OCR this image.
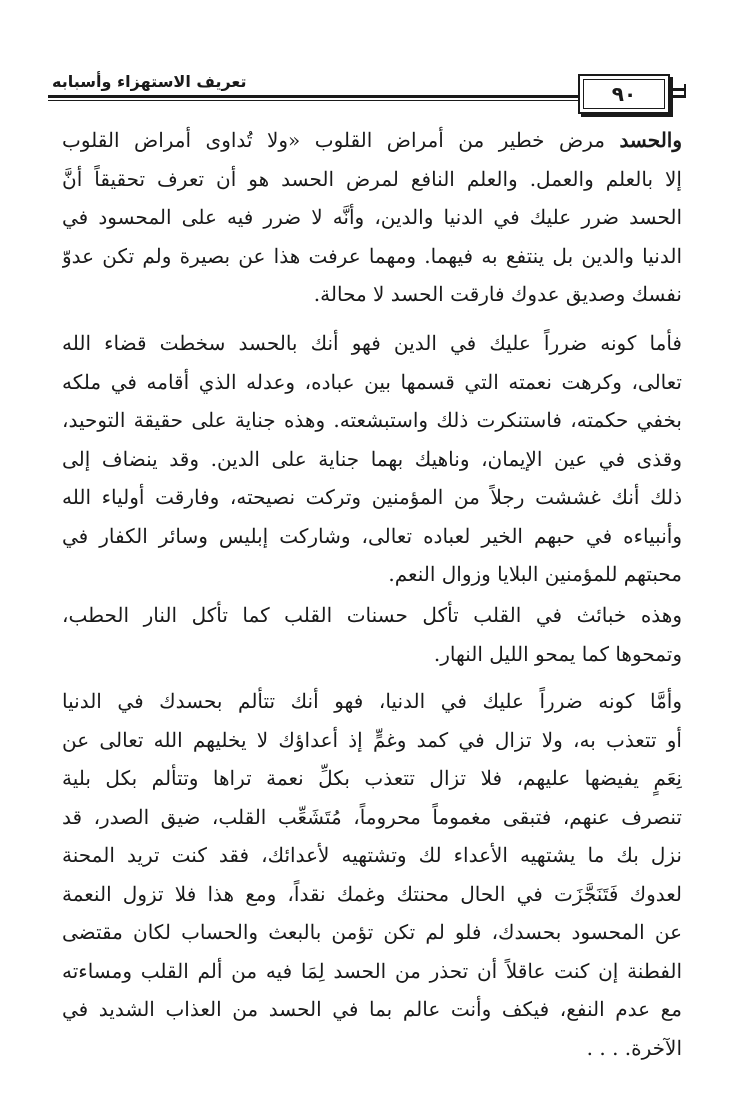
تعريف الاستهزاء وأسبابه
٩٠
والحسد مرض خطير من أمراض القلوب «ولا تُداوى أمراض القلوب
إلا بالعلم والعمل. والعلم النافع لمرض الحسد هو أن تعرف تحقيقاً أنَّ
الحسد ضرر عليك في الدنيا والدين، وأنَّه لا ضرر فيه على المحسود في
الدنيا والدين بل ينتفع به فيهما. ومهما عرفت هذا عن بصيرة ولم تكن عدوّ
نفسك وصديق عدوك فارقت الحسد لا محالة.
فأما كونه ضرراً عليك في الدين فهو أنك بالحسد سخطت قضاء الله
تعالى، وكرهت نعمته التي قسمها بين عباده، وعدله الذي أقامه في ملكه
بخفي حكمته، فاستنكرت ذلك واستبشعته. وهذه جناية على حقيقة التوحيد،
وقذى في عين الإيمان، وناهيك بهما جناية على الدين. وقد ينضاف إلى
ذلك أنك غششت رجلاً من المؤمنين وتركت نصيحته، وفارقت أولياء الله
وأنبياءه في حبهم الخير لعباده تعالى، وشاركت إبليس وسائر الكفار في
محبتهم للمؤمنين البلايا وزوال النعم.
وهذه خبائث في القلب تأكل حسنات القلب كما تأكل النار الحطب،
وتمحوها كما يمحو الليل النهار.
وأمَّا كونه ضرراً عليك في الدنيا، فهو أنك تتألم بحسدك في الدنيا
أو تتعذب به، ولا تزال في كمد وغمٍّ إذ أعداؤك لا يخليهم الله تعالى عن
نِعَمٍ يفيضها عليهم، فلا تزال تتعذب بكلِّ نعمة تراها وتتألم بكل بلية
تنصرف عنهم، فتبقى مغموماً محروماً، مُتَشَعِّب القلب، ضيق الصدر، قد
نزل بك ما يشتهيه الأعداء لك وتشتهيه لأعدائك، فقد كنت تريد المحنة
لعدوك فَتَنَجَّزَت في الحال محنتك وغمك نقداً، ومع هذا فلا تزول النعمة
عن المحسود بحسدك، فلو لم تكن تؤمن بالبعث والحساب لكان مقتضى
الفطنة إن كنت عاقلاً أن تحذر من الحسد لِمَا فيه من ألم القلب ومساءته
مع عدم النفع، فيكف وأنت عالم بما في الحسد من العذاب الشديد في
الآخرة. . . .
